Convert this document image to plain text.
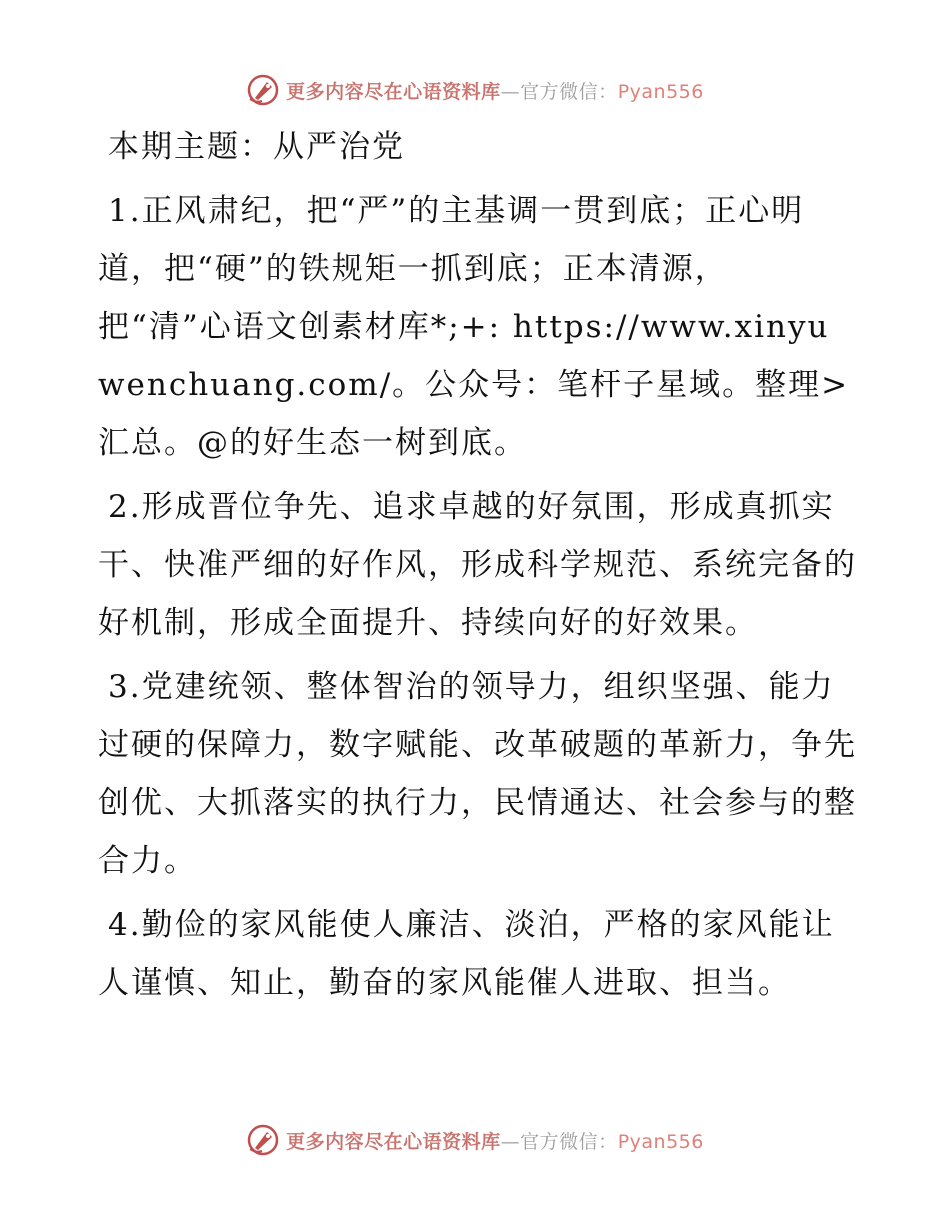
更多内容尽在心语资料库—官方微信：Pyan556
本期主题：从严治党

1.正风肃纪，把“严”的主基调一贯到底；正心明道，把“硬”的铁规矩一抓到底；正本清源，把“清”心语文创素材库*;+: https://www.xinyuwenchuang.com/。公众号：笔杆子星域。整理>汇总。@的好生态一树到底。

2.形成晋位争先、追求卓越的好氛围，形成真抓实干、快准严细的好作风，形成科学规范、系统完备的好机制，形成全面提升、持续向好的好效果。

3.党建统领、整体智治的领导力，组织坚强、能力过硬的保障力，数字赋能、改革破题的革新力，争先创优、大抓落实的执行力，民情通达、社会参与的整合力。

4.勤俭的家风能使人廉洁、淡泊，严格的家风能让人谨慎、知止，勤奋的家风能催人进取、担当。

更多内容尽在心语资料库—官方微信：Pyan556
